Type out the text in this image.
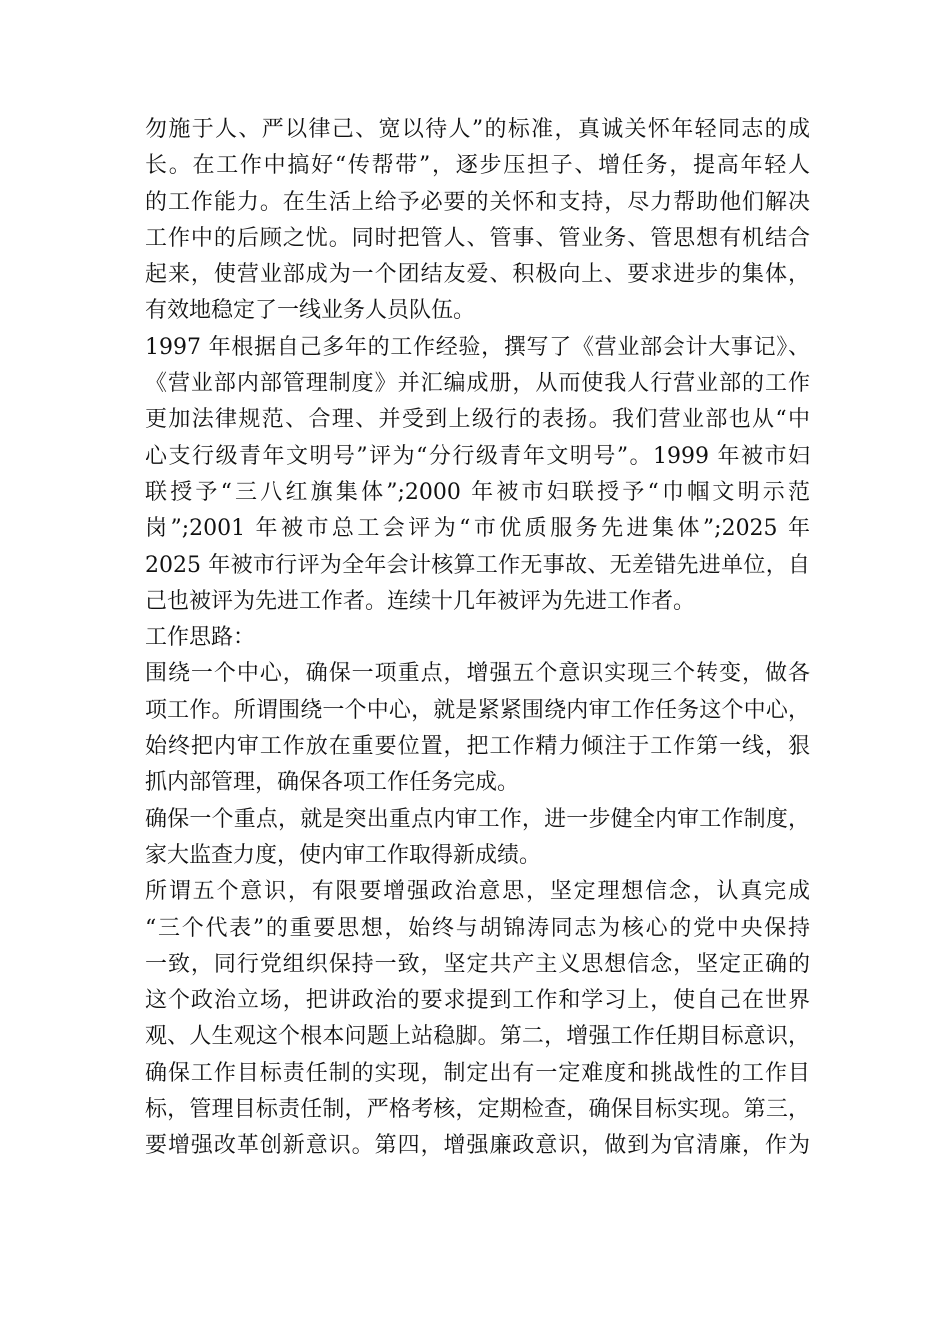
勿施于人、严以律己、宽以待人”的标准，真诚关怀年轻同志的成
长。在工作中搞好“传帮带”，逐步压担子、增任务，提高年轻人
的工作能力。在生活上给予必要的关怀和支持，尽力帮助他们解决
工作中的后顾之忧。同时把管人、管事、管业务、管思想有机结合
起来，使营业部成为一个团结友爱、积极向上、要求进步的集体，
有效地稳定了一线业务人员队伍。
1997 年根据自己多年的工作经验，撰写了《营业部会计大事记》、
《营业部内部管理制度》并汇编成册，从而使我人行营业部的工作
更加法律规范、合理、并受到上级行的表扬。我们营业部也从“中
心支行级青年文明号”评为“分行级青年文明号”。1999 年被市妇
联授予“三八红旗集体”;2000 年被市妇联授予“巾帼文明示范
岗”;2001 年被市总工会评为“市优质服务先进集体”;2025 年
2025 年被市行评为全年会计核算工作无事故、无差错先进单位，自
己也被评为先进工作者。连续十几年被评为先进工作者。
工作思路：
围绕一个中心，确保一项重点，增强五个意识实现三个转变，做各
项工作。所谓围绕一个中心，就是紧紧围绕内审工作任务这个中心，
始终把内审工作放在重要位置，把工作精力倾注于工作第一线，狠
抓内部管理，确保各项工作任务完成。
确保一个重点，就是突出重点内审工作，进一步健全内审工作制度，
家大监查力度，使内审工作取得新成绩。
所谓五个意识，有限要增强政治意思，坚定理想信念，认真完成
“三个代表”的重要思想，始终与胡锦涛同志为核心的党中央保持
一致，同行党组织保持一致，坚定共产主义思想信念，坚定正确的
这个政治立场，把讲政治的要求提到工作和学习上，使自己在世界
观、人生观这个根本问题上站稳脚。第二，增强工作任期目标意识，
确保工作目标责任制的实现，制定出有一定难度和挑战性的工作目
标，管理目标责任制，严格考核，定期检查，确保目标实现。第三，
要增强改革创新意识。第四，增强廉政意识，做到为官清廉，作为
